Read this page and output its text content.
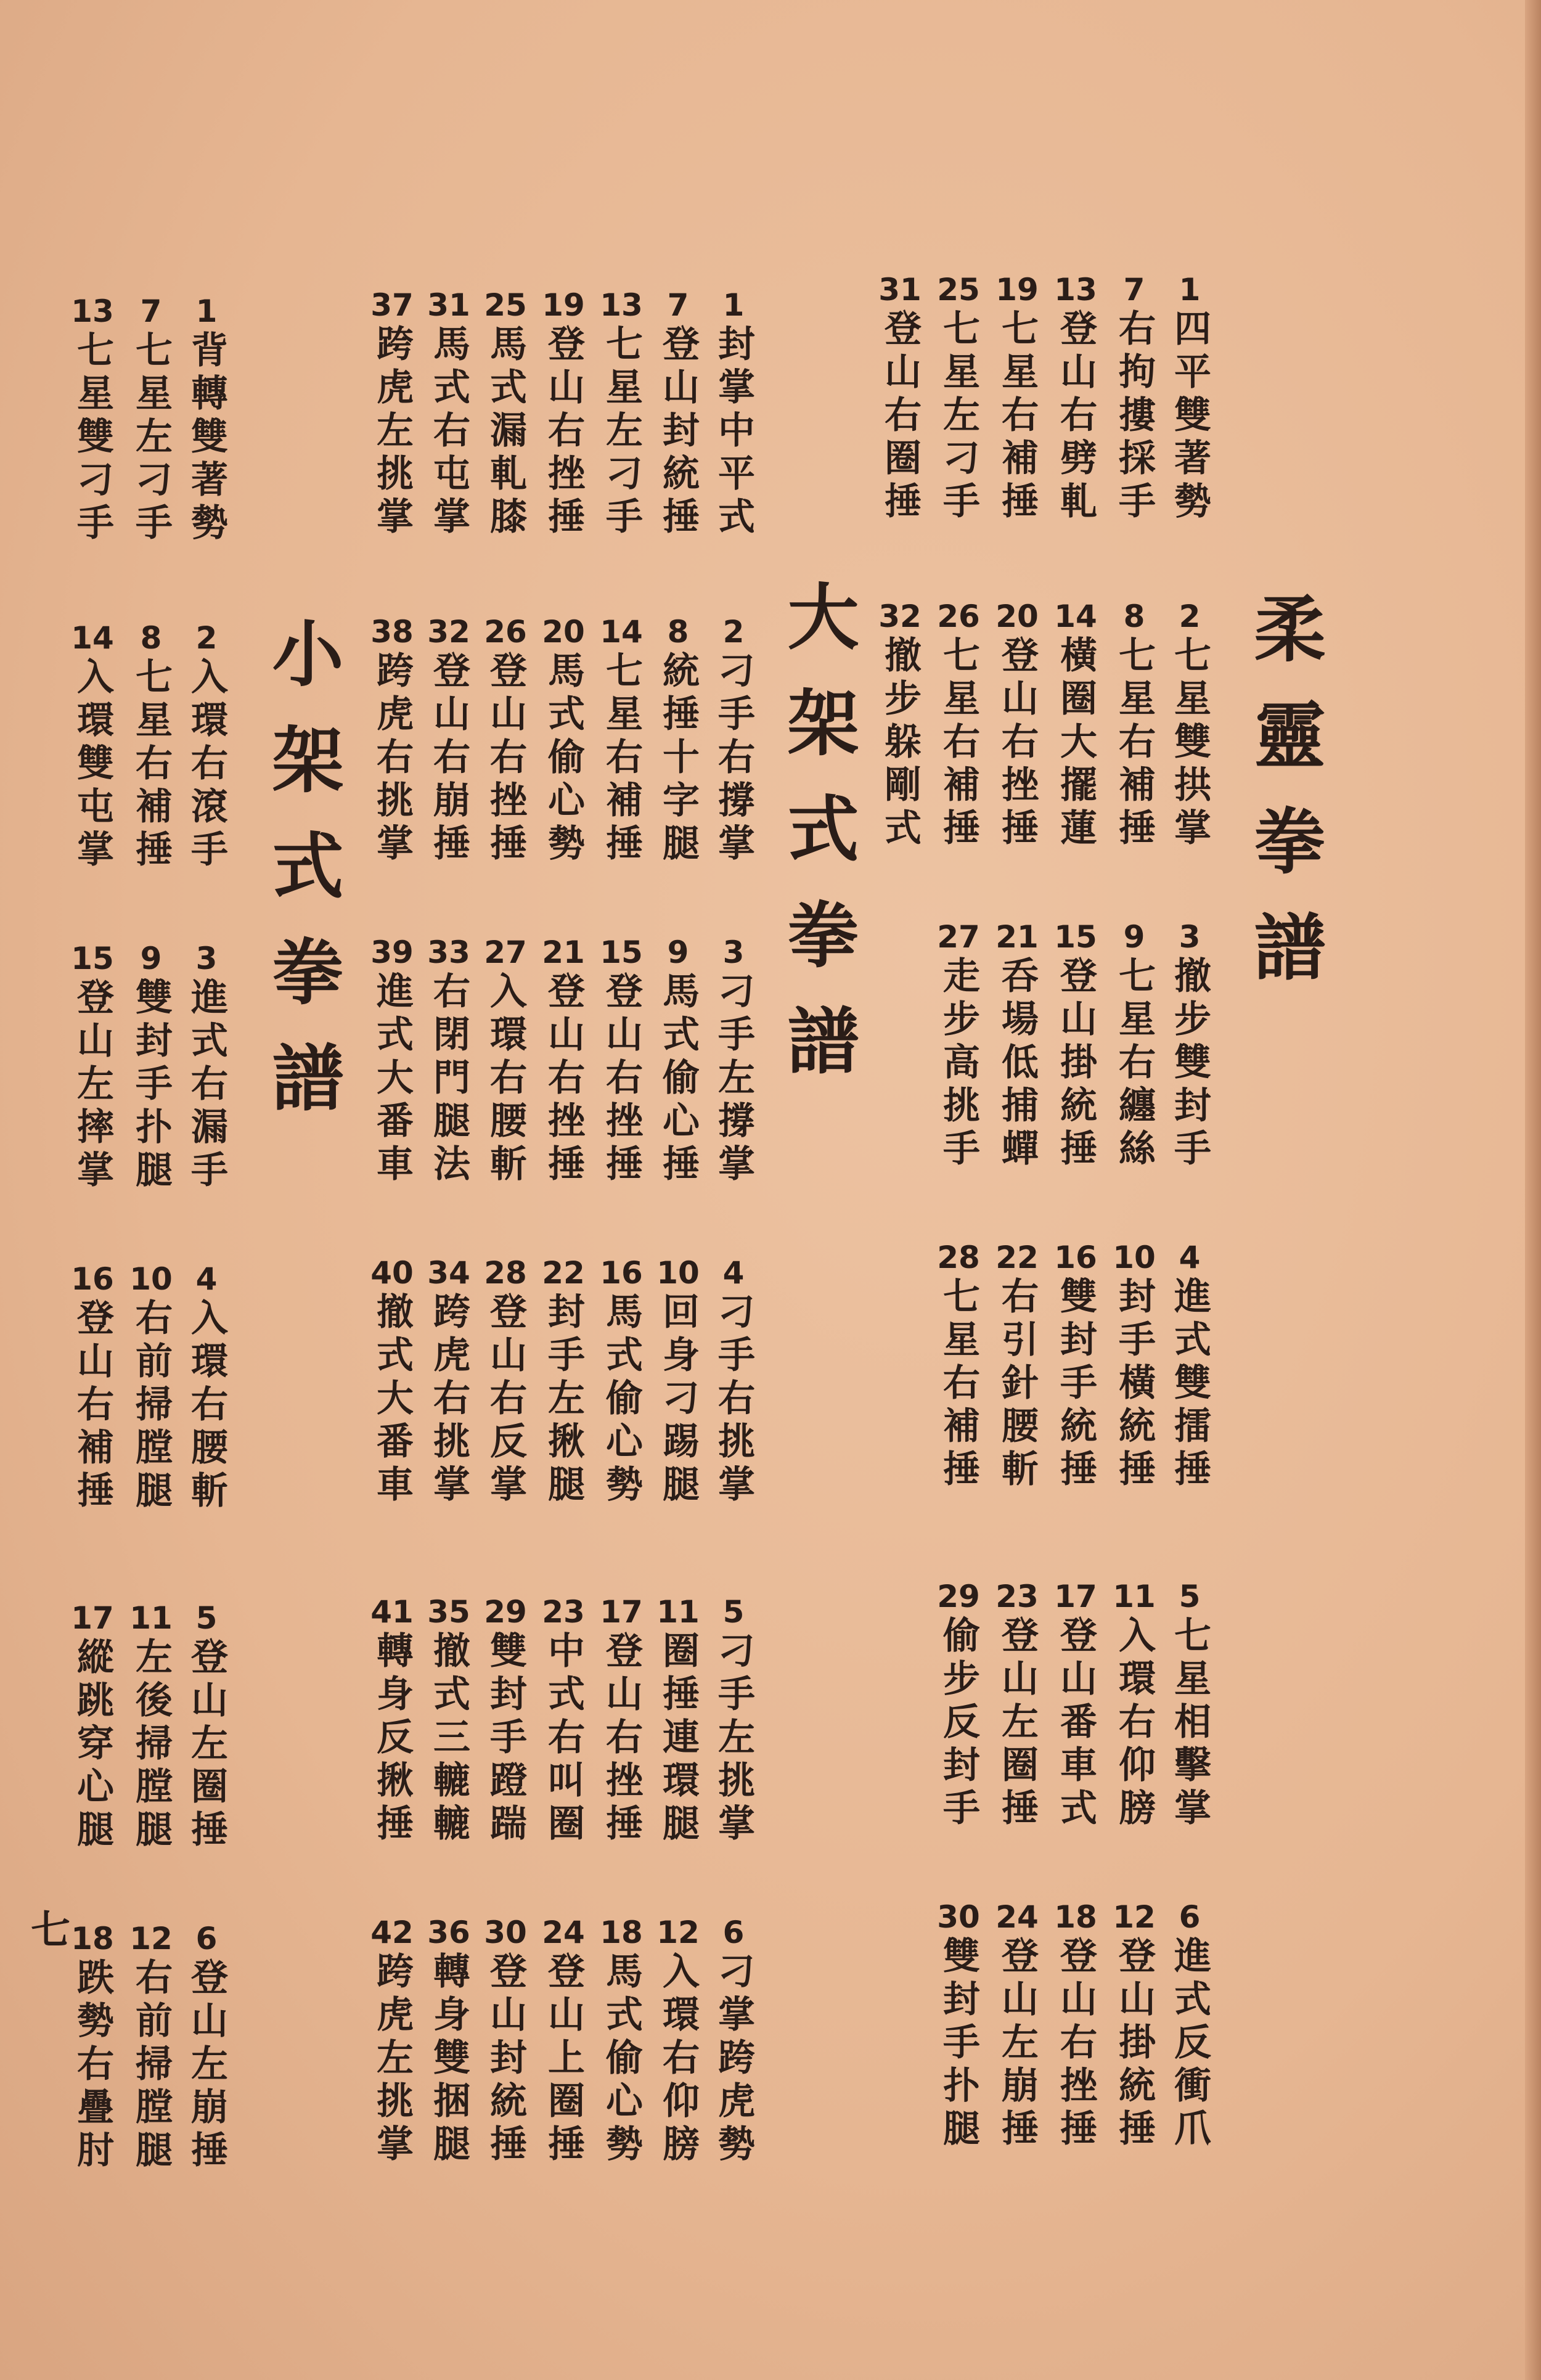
柔靈拳譜
大架式拳譜
小架式拳譜
七
1
四平雙著勢
2
七星雙拱掌
3
撤步雙封手
4
進式雙擂捶
5
七星相擊掌
6
進式反衝爪
7
右拘摟採手
8
七星右補捶
9
七星右纏絲
10
封手橫統捶
11
入環右仰膀
12
登山掛統捶
13
登山右劈軋
14
橫圈大擺蓮
15
登山掛統捶
16
雙封手統捶
17
登山番車式
18
登山右挫捶
19
七星右補捶
20
登山右挫捶
21
呑場低捕蟬
22
右引針腰斬
23
登山左圈捶
24
登山左崩捶
25
七星左刁手
26
七星右補捶
27
走步高挑手
28
七星右補捶
29
偷步反封手
30
雙封手扑腿
31
登山右圈捶
32
撤步躲剛式
1
封掌中平式
2
刁手右撐掌
3
刁手左撐掌
4
刁手右挑掌
5
刁手左挑掌
6
刁掌跨虎勢
7
登山封統捶
8
統捶十字腿
9
馬式偷心捶
10
回身刁踢腿
11
圈捶連環腿
12
入環右仰膀
13
七星左刁手
14
七星右補捶
15
登山右挫捶
16
馬式偷心勢
17
登山右挫捶
18
馬式偷心勢
19
登山右挫捶
20
馬式偷心勢
21
登山右挫捶
22
封手左揪腿
23
中式右叫圈
24
登山上圈捶
25
馬式漏軋膝
26
登山右挫捶
27
入環右腰斬
28
登山右反掌
29
雙封手蹬踹
30
登山封統捶
31
馬式右屯掌
32
登山右崩捶
33
右閉門腿法
34
跨虎右挑掌
35
撤式三轆轆
36
轉身雙捆腿
37
跨虎左挑掌
38
跨虎右挑掌
39
進式大番車
40
撤式大番車
41
轉身反揪捶
42
跨虎左挑掌
1
背轉雙著勢
2
入環右滾手
3
進式右漏手
4
入環右腰斬
5
登山左圈捶
6
登山左崩捶
7
七星左刁手
8
七星右補捶
9
雙封手扑腿
10
右前掃膛腿
11
左後掃膛腿
12
右前掃膛腿
13
七星雙刁手
14
入環雙屯掌
15
登山左摔掌
16
登山右補捶
17
縱跳穿心腿
18
跌勢右疊肘
